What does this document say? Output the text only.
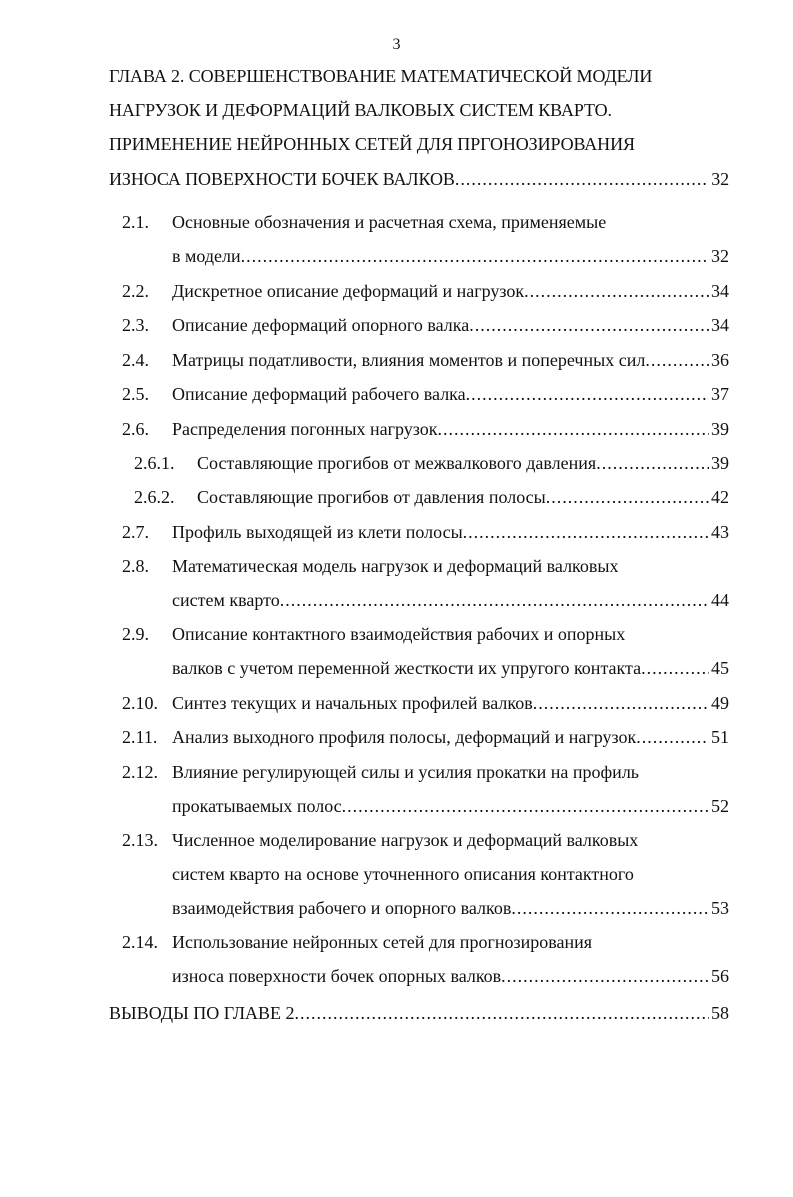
3
ГЛАВА 2. СОВЕРШЕНСТВОВАНИЕ МАТЕМАТИЧЕСКОЙ МОДЕЛИ
НАГРУЗОК И ДЕФОРМАЦИЙ ВАЛКОВЫХ СИСТЕМ КВАРТО.
ПРИМЕНЕНИЕ НЕЙРОННЫХ СЕТЕЙ ДЛЯ ПРГОНОЗИРОВАНИЯ
ИЗНОСА ПОВЕРХНОСТИ БОЧЕК ВАЛКОВ .....	32
2.1. Основные обозначения и расчетная схема, применяемые
в модели .....	32
2.2. Дискретное описание деформаций и нагрузок .....	34
2.3. Описание деформаций опорного валка .....	34
2.4. Матрицы податливости, влияния моментов и поперечных сил .....	36
2.5. Описание деформаций рабочего валка .....	37
2.6. Распределения погонных нагрузок .....	39
2.6.1. Составляющие прогибов от межвалкового давления .....	39
2.6.2. Составляющие прогибов от давления полосы .....	42
2.7. Профиль выходящей из клети полосы .....	43
2.8. Математическая модель нагрузок и деформаций валковых
систем кварто .....	44
2.9. Описание контактного взаимодействия рабочих и опорных
валков с учетом переменной жесткости их упругого контакта .....	45
2.10. Синтез текущих и начальных профилей валков .....	49
2.11. Анализ выходного профиля полосы, деформаций и нагрузок .....	51
2.12. Влияние регулирующей силы и усилия прокатки на профиль
прокатываемых полос .....	52
2.13. Численное моделирование нагрузок и деформаций валковых
систем кварто на основе уточненного описания контактного
взаимодействия рабочего и опорного валков .....	53
2.14. Использование нейронных сетей для прогнозирования
износа поверхности бочек опорных валков .....	56
ВЫВОДЫ ПО ГЛАВЕ 2 .....	58
